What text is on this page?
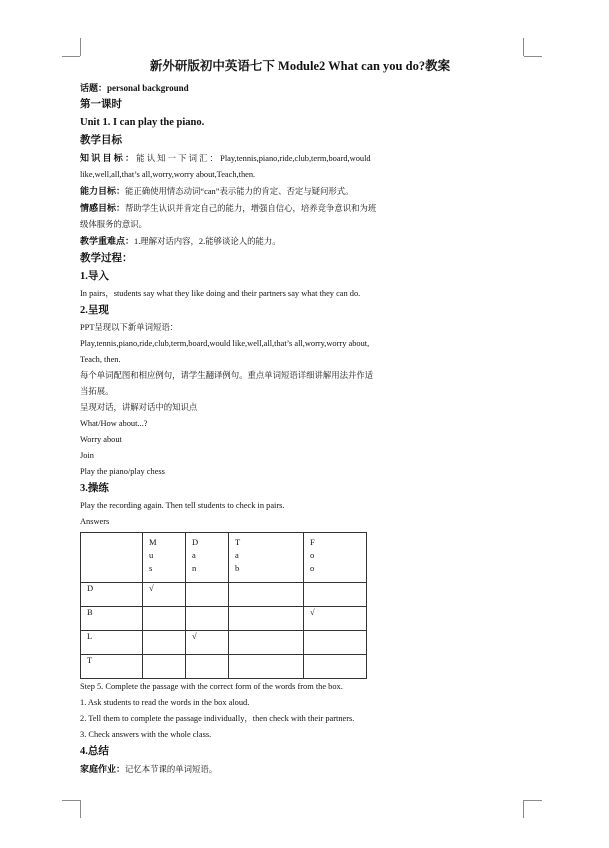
新外研版初中英语七下 Module2 What can you do?教案
话题：personal background
第一课时
Unit 1. I can play the piano.
教学目标
知 识 目 标 ： 能 认 知 一 下 词 汇 ： Play,tennis,piano,ride,club,term,board,would
like,well,all,that’s all,worry,worry about,Teach,then.
能力目标：能正确使用情态动词“can”表示能力的肯定、否定与疑问形式。
情感目标：帮助学生认识并肯定自己的能力，增强自信心，培养竞争意识和为班
级体服务的意识。
教学重难点：1.理解对话内容，2.能够谈论人的能力。
教学过程：
1.导入
In pairs，students say what they like doing and their partners say what they can do.
2.呈现
PPT呈现以下新单词短语：
Play,tennis,piano,ride,club,term,board,would like,well,all,that’s all,worry,worry about,
Teach, then.
每个单词配图和相应例句，请学生翻译例句。重点单词短语详细讲解用法并作适
当拓展。
呈现对话，讲解对话中的知识点
What/How about...?
Worry about
Join
Play the piano/play chess
3.操练
Play the recording again. Then tell students to check in pairs.
Answers

	M
u
s	D
a
n	T
a
b	F
o
o

D	√			
B				√
L		√		
T				
Step 5. Complete the passage with the correct form of the words from the box.
1. Ask students to read the words in the box aloud.
2. Tell them to complete the passage individually，then check with their partners.
3. Check answers with the whole class.
4.总结
家庭作业：记忆本节课的单词短语。
